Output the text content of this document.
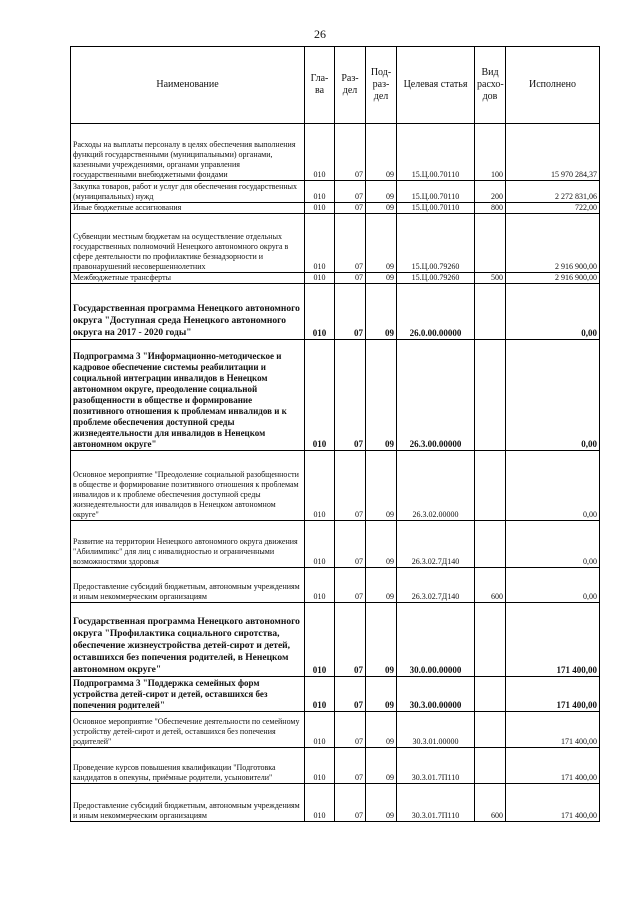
26
Наименование	Гла-ва	Раз-дел	Под-раз-дел	Целевая статья	Вид расхо-дов	Исполнено
Расходы на выплаты персоналу в целях обеспечения выполнения функций государственными (муниципальными) органами, казенными учреждениями, органами управления государственными внебюджетными фондами	010	07	09	15.Ц.00.70110	100	15 970 284,37
Закупка товаров, работ и услуг для обеспечения государственных (муниципальных) нужд	010	07	09	15.Ц.00.70110	200	2 272 831,06
Иные бюджетные ассигнования	010	07	09	15.Ц.00.70110	800	722,00
Субвенции местным бюджетам на осуществление отдельных государственных полномочий Ненецкого автономного округа в сфере деятельности по профилактике безнадзорности и правонарушений несовершеннолетних	010	07	09	15.Ц.00.79260		2 916 900,00
Межбюджетные трансферты	010	07	09	15.Ц.00.79260	500	2 916 900,00
Государственная программа Ненецкого автономного округа "Доступная среда Ненецкого автономного округа на 2017 - 2020 годы"	010	07	09	26.0.00.00000		0,00
Подпрограмма 3 "Информационно-методическое и кадровое обеспечение системы реабилитации и социальной интеграции инвалидов в Ненецком автономном округе, преодоление социальной разобщенности в обществе и формирование позитивного отношения к проблемам инвалидов и к проблеме обеспечения доступной среды жизнедеятельности для инвалидов в Ненецком автономном округе"	010	07	09	26.3.00.00000		0,00
Основное мероприятие "Преодоление социальной разобщенности в обществе и формирование позитивного отношения к проблемам инвалидов и к проблеме обеспечения доступной среды жизнедеятельности для инвалидов в Ненецком автономном округе"	010	07	09	26.3.02.00000		0,00
Развитие на территории Ненецкого автономного округа движения "Абилимпикс" для лиц с инвалидностью и ограниченными возможностями здоровья	010	07	09	26.3.02.7Д140		0,00
Предоставление субсидий бюджетным, автономным учреждениям и иным некоммерческим организациям	010	07	09	26.3.02.7Д140	600	0,00
Государственная программа Ненецкого автономного округа "Профилактика социального сиротства, обеспечение жизнеустройства детей-сирот и детей, оставшихся без попечения родителей, в Ненецком автономном округе"	010	07	09	30.0.00.00000		171 400,00
Подпрограмма 3 "Поддержка семейных форм устройства детей-сирот и детей, оставшихся без попечения родителей"	010	07	09	30.3.00.00000		171 400,00
Основное мероприятие "Обеспечение деятельности по семейному устройству детей-сирот и детей, оставшихся без попечения родителей"	010	07	09	30.3.01.00000		171 400,00
Проведение курсов повышения квалификации "Подготовка кандидатов в опекуны, приёмные родители, усыновители"	010	07	09	30.3.01.7П110		171 400,00
Предоставление субсидий бюджетным, автономным учреждениям и иным некоммерческим организациям	010	07	09	30.3.01.7П110	600	171 400,00
